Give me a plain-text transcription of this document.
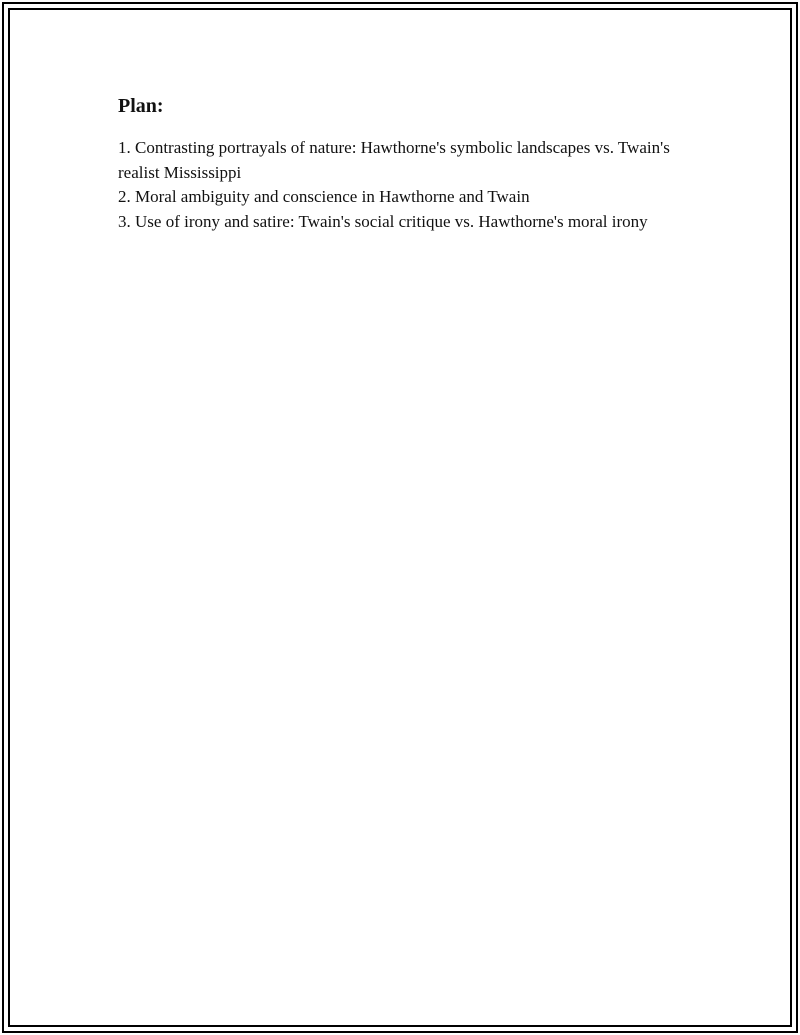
Plan:
1. Contrasting portrayals of nature: Hawthorne's symbolic landscapes vs. Twain's realist Mississippi
2. Moral ambiguity and conscience in Hawthorne and Twain
3. Use of irony and satire: Twain's social critique vs. Hawthorne's moral irony
